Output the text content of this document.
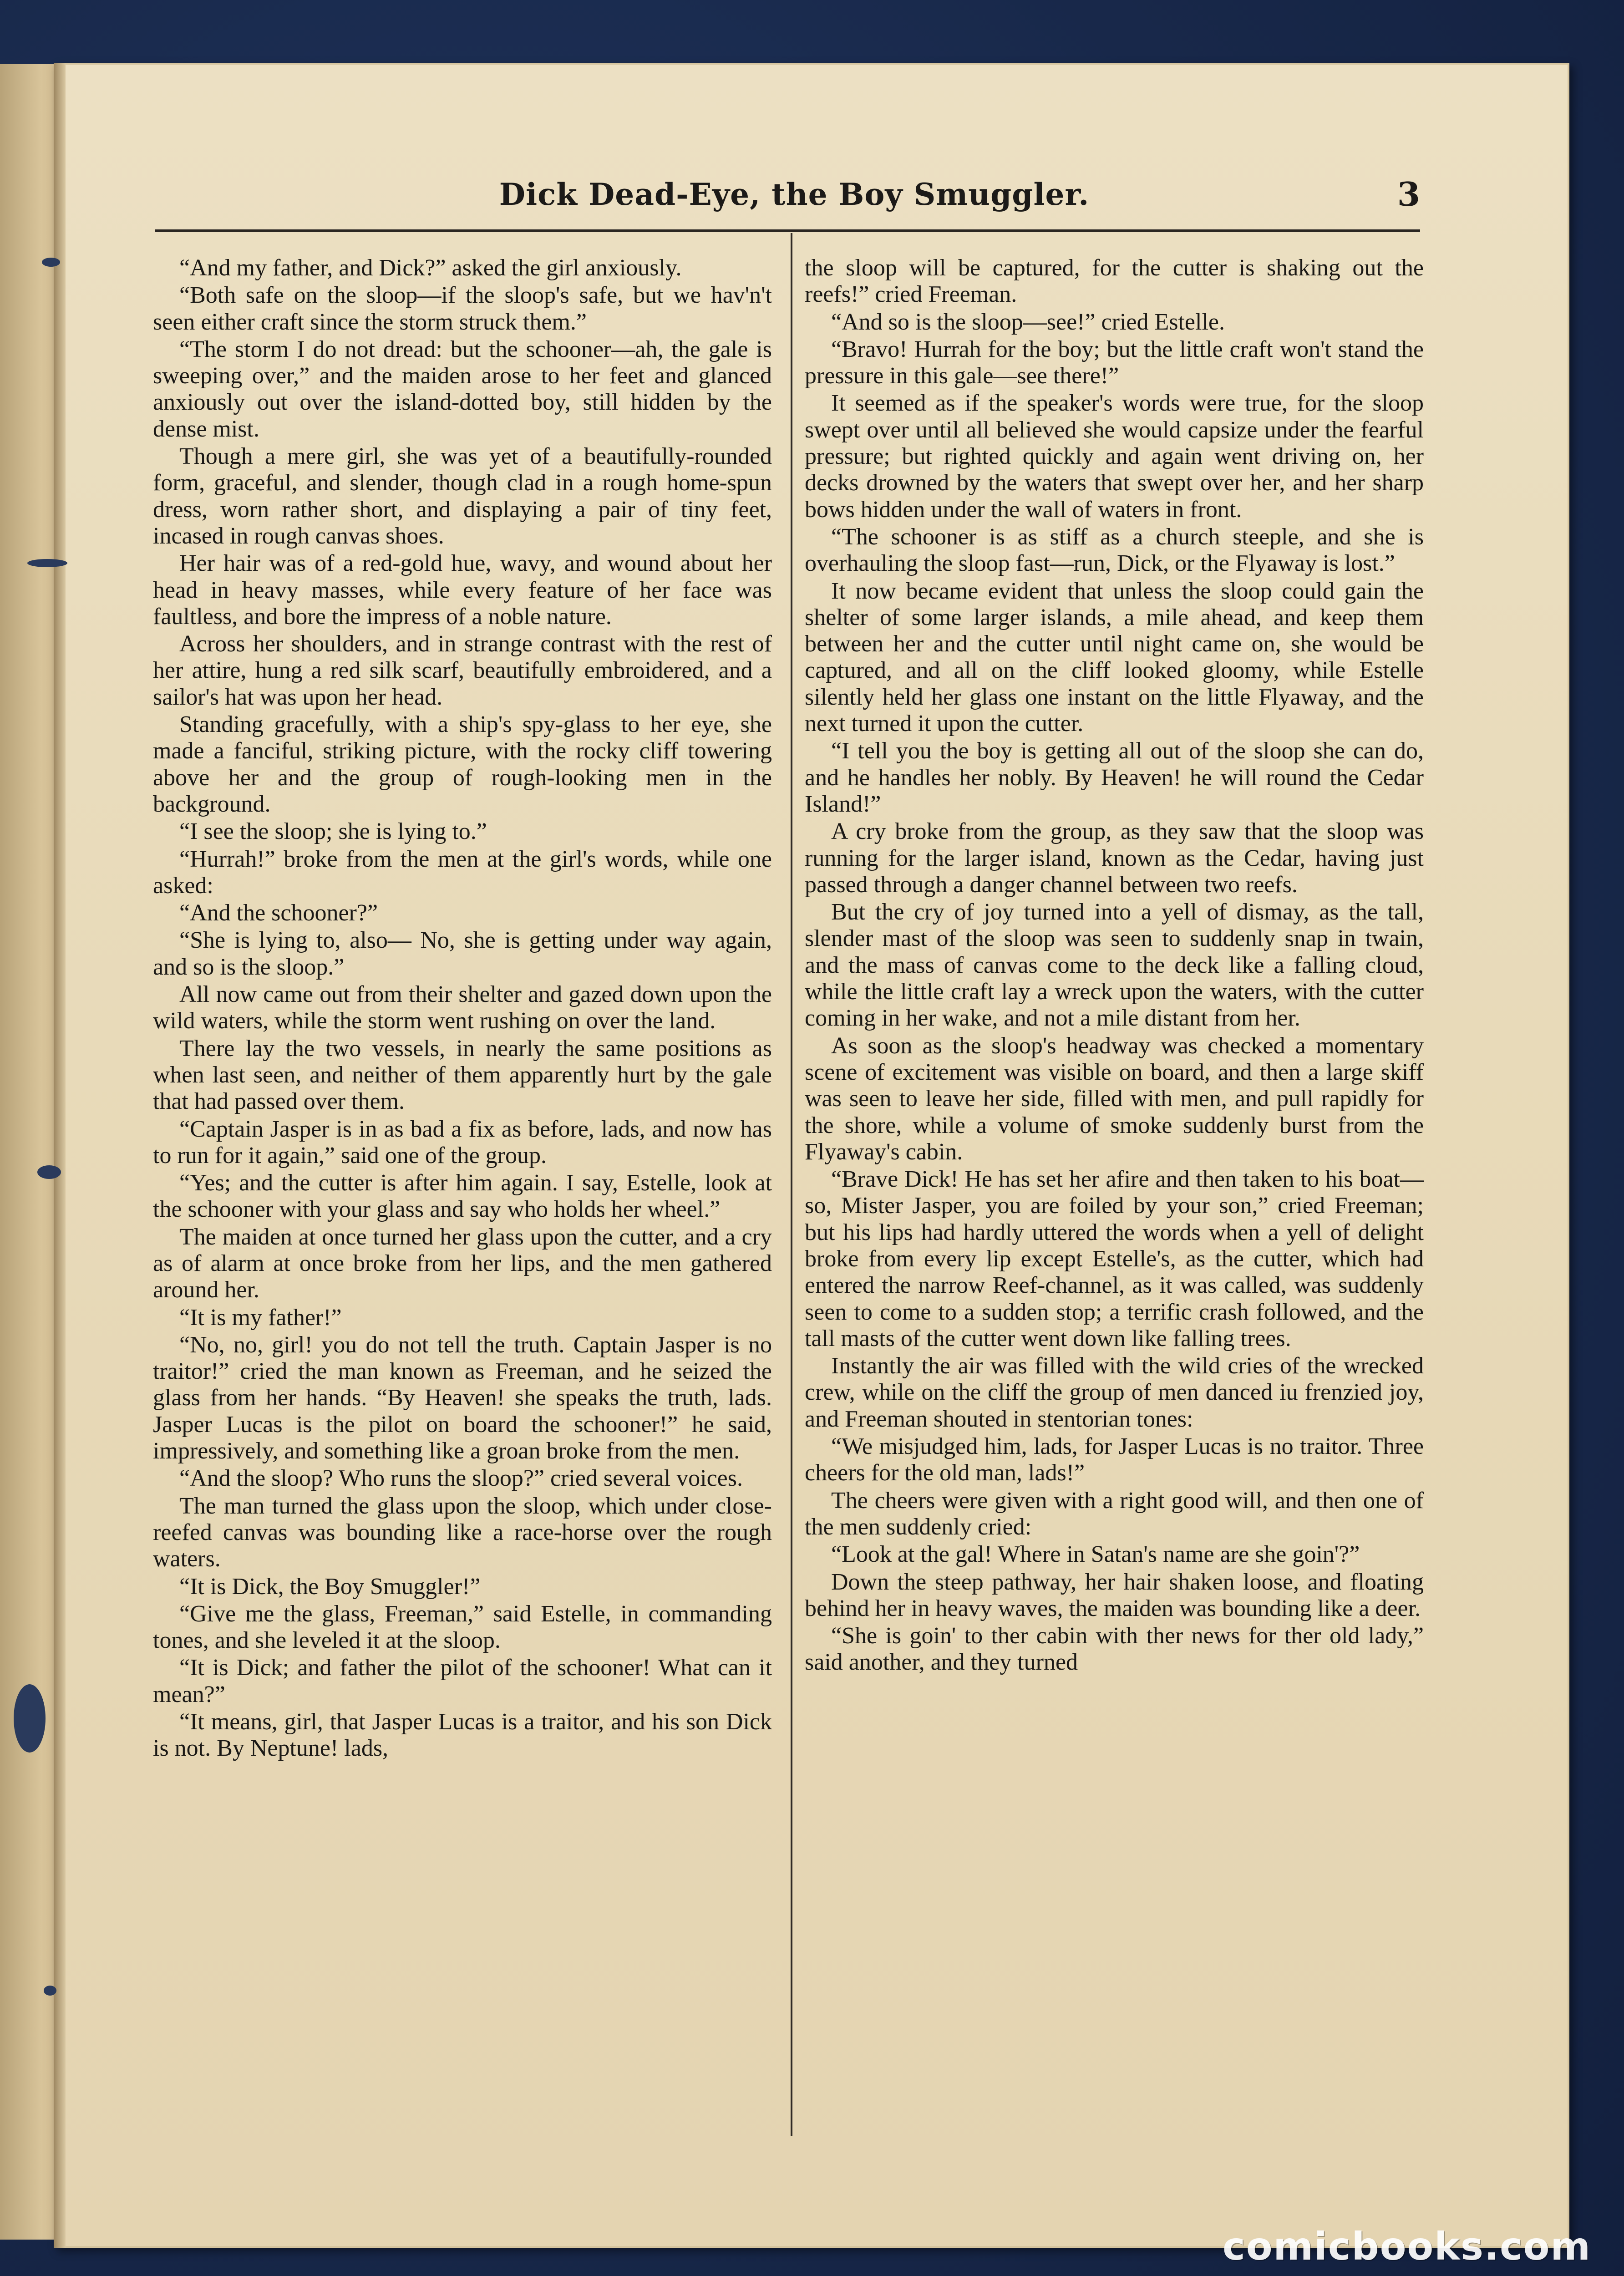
Dick Dead-Eye, the Boy Smuggler.	3

“And my father, and Dick?” asked the girl anxiously.

“Both safe on the sloop—if the sloop's safe, but we hav'n't seen either craft since the storm struck them.”

“The storm I do not dread: but the schooner—ah, the gale is sweeping over,” and the maiden arose to her feet and glanced anxiously out over the island-dotted boy, still hidden by the dense mist.

Though a mere girl, she was yet of a beautifully-rounded form, graceful, and slender, though clad in a rough home-spun dress, worn rather short, and displaying a pair of tiny feet, incased in rough canvas shoes.

Her hair was of a red-gold hue, wavy, and wound about her head in heavy masses, while every feature of her face was faultless, and bore the impress of a noble nature.

Across her shoulders, and in strange contrast with the rest of her attire, hung a red silk scarf, beautifully embroidered, and a sailor's hat was upon her head.

Standing gracefully, with a ship's spy-glass to her eye, she made a fanciful, striking picture, with the rocky cliff towering above her and the group of rough-looking men in the background.

“I see the sloop; she is lying to.”

“Hurrah!” broke from the men at the girl's words, while one asked:

“And the schooner?”

“She is lying to, also— No, she is getting under way again, and so is the sloop.”

All now came out from their shelter and gazed down upon the wild waters, while the storm went rushing on over the land.

There lay the two vessels, in nearly the same positions as when last seen, and neither of them apparently hurt by the gale that had passed over them.

“Captain Jasper is in as bad a fix as before, lads, and now has to run for it again,” said one of the group.

“Yes; and the cutter is after him again. I say, Estelle, look at the schooner with your glass and say who holds her wheel.”

The maiden at once turned her glass upon the cutter, and a cry as of alarm at once broke from her lips, and the men gathered around her.

“It is my father!”

“No, no, girl! you do not tell the truth. Captain Jasper is no traitor!” cried the man known as Freeman, and he seized the glass from her hands. “By Heaven! she speaks the truth, lads. Jasper Lucas is the pilot on board the schooner!” he said, impressively, and something like a groan broke from the men.

“And the sloop? Who runs the sloop?” cried several voices.

The man turned the glass upon the sloop, which under close-reefed canvas was bounding like a race-horse over the rough waters.

“It is Dick, the Boy Smuggler!”

“Give me the glass, Freeman,” said Estelle, in commanding tones, and she leveled it at the sloop.

“It is Dick; and father the pilot of the schooner! What can it mean?”

“It means, girl, that Jasper Lucas is a traitor, and his son Dick is not. By Neptune! lads,

the sloop will be captured, for the cutter is shaking out the reefs!” cried Freeman.

“And so is the sloop—see!” cried Estelle.

“Bravo! Hurrah for the boy; but the little craft won't stand the pressure in this gale—see there!”

It seemed as if the speaker's words were true, for the sloop swept over until all believed she would capsize under the fearful pressure; but righted quickly and again went driving on, her decks drowned by the waters that swept over her, and her sharp bows hidden under the wall of waters in front.

“The schooner is as stiff as a church steeple, and she is overhauling the sloop fast—run, Dick, or the Flyaway is lost.”

It now became evident that unless the sloop could gain the shelter of some larger islands, a mile ahead, and keep them between her and the cutter until night came on, she would be captured, and all on the cliff looked gloomy, while Estelle silently held her glass one instant on the little Flyaway, and the next turned it upon the cutter.

“I tell you the boy is getting all out of the sloop she can do, and he handles her nobly. By Heaven! he will round the Cedar Island!”

A cry broke from the group, as they saw that the sloop was running for the larger island, known as the Cedar, having just passed through a danger channel between two reefs.

But the cry of joy turned into a yell of dismay, as the tall, slender mast of the sloop was seen to suddenly snap in twain, and the mass of canvas come to the deck like a falling cloud, while the little craft lay a wreck upon the waters, with the cutter coming in her wake, and not a mile distant from her.

As soon as the sloop's headway was checked a momentary scene of excitement was visible on board, and then a large skiff was seen to leave her side, filled with men, and pull rapidly for the shore, while a volume of smoke suddenly burst from the Flyaway's cabin.

“Brave Dick! He has set her afire and then taken to his boat—so, Mister Jasper, you are foiled by your son,” cried Freeman; but his lips had hardly uttered the words when a yell of delight broke from every lip except Estelle's, as the cutter, which had entered the narrow Reef-channel, as it was called, was suddenly seen to come to a sudden stop; a terrific crash followed, and the tall masts of the cutter went down like falling trees.

Instantly the air was filled with the wild cries of the wrecked crew, while on the cliff the group of men danced iu frenzied joy, and Freeman shouted in stentorian tones:

“We misjudged him, lads, for Jasper Lucas is no traitor. Three cheers for the old man, lads!”

The cheers were given with a right good will, and then one of the men suddenly cried:

“Look at the gal! Where in Satan's name are she goin'?”

Down the steep pathway, her hair shaken loose, and floating behind her in heavy waves, the maiden was bounding like a deer.

“She is goin' to ther cabin with ther news for ther old lady,” said another, and they turned

comicbooks.com
